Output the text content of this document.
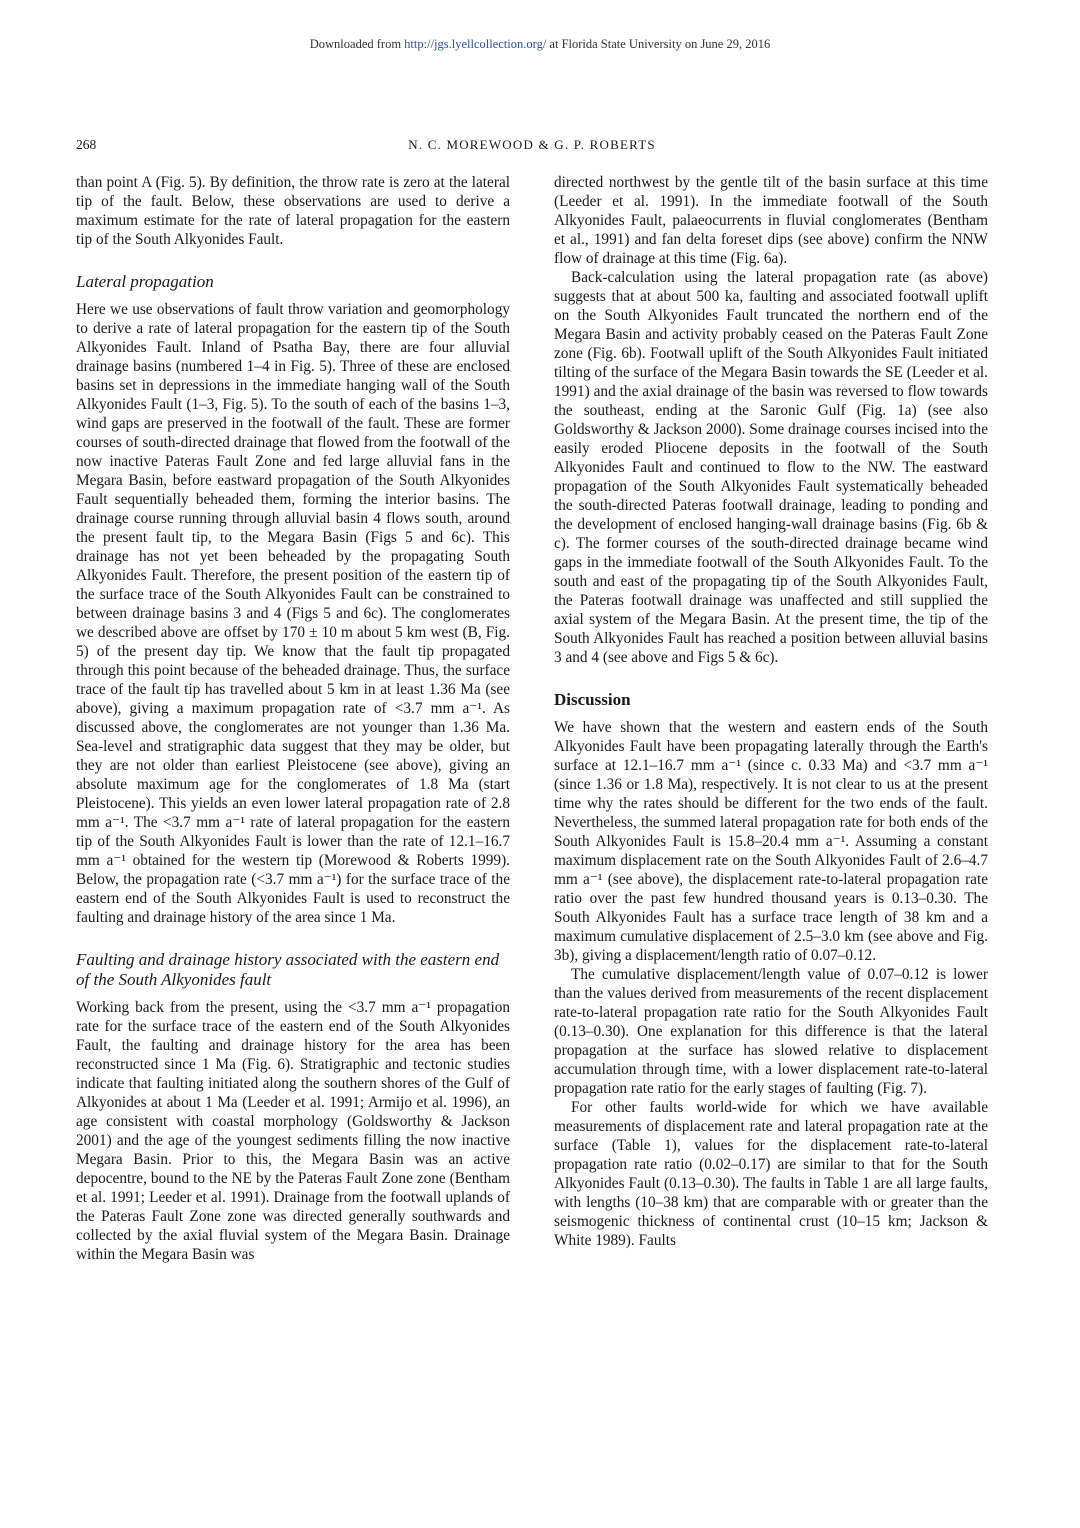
Downloaded from http://jgs.lyellcollection.org/ at Florida State University on June 29, 2016
268	N. C. MOREWOOD & G. P. ROBERTS

than point A (Fig. 5). By definition, the throw rate is zero at the lateral tip of the fault. Below, these observations are used to derive a maximum estimate for the rate of lateral propagation for the eastern tip of the South Alkyonides Fault.

Lateral propagation

Here we use observations of fault throw variation and geomorphology to derive a rate of lateral propagation for the eastern tip of the South Alkyonides Fault. Inland of Psatha Bay, there are four alluvial drainage basins (numbered 1–4 in Fig. 5). Three of these are enclosed basins set in depressions in the immediate hanging wall of the South Alkyonides Fault (1–3, Fig. 5). To the south of each of the basins 1–3, wind gaps are preserved in the footwall of the fault. These are former courses of south-directed drainage that flowed from the footwall of the now inactive Pateras Fault Zone and fed large alluvial fans in the Megara Basin, before eastward propagation of the South Alkyonides Fault sequentially beheaded them, forming the interior basins. The drainage course running through alluvial basin 4 flows south, around the present fault tip, to the Megara Basin (Figs 5 and 6c). This drainage has not yet been beheaded by the propagating South Alkyonides Fault. Therefore, the present position of the eastern tip of the surface trace of the South Alkyonides Fault can be constrained to between drainage basins 3 and 4 (Figs 5 and 6c). The conglomerates we described above are offset by 170 ± 10 m about 5 km west (B, Fig. 5) of the present day tip. We know that the fault tip propagated through this point because of the beheaded drainage. Thus, the surface trace of the fault tip has travelled about 5 km in at least 1.36 Ma (see above), giving a maximum propagation rate of <3.7 mm a⁻¹. As discussed above, the conglomerates are not younger than 1.36 Ma. Sea-level and stratigraphic data suggest that they may be older, but they are not older than earliest Pleistocene (see above), giving an absolute maximum age for the conglomerates of 1.8 Ma (start Pleistocene). This yields an even lower lateral propagation rate of 2.8 mm a⁻¹. The <3.7 mm a⁻¹ rate of lateral propagation for the eastern tip of the South Alkyonides Fault is lower than the rate of 12.1–16.7 mm a⁻¹ obtained for the western tip (Morewood & Roberts 1999). Below, the propagation rate (<3.7 mm a⁻¹) for the surface trace of the eastern end of the South Alkyonides Fault is used to reconstruct the faulting and drainage history of the area since 1 Ma.

Faulting and drainage history associated with the eastern end of the South Alkyonides fault

Working back from the present, using the <3.7 mm a⁻¹ propagation rate for the surface trace of the eastern end of the South Alkyonides Fault, the faulting and drainage history for the area has been reconstructed since 1 Ma (Fig. 6). Stratigraphic and tectonic studies indicate that faulting initiated along the southern shores of the Gulf of Alkyonides at about 1 Ma (Leeder et al. 1991; Armijo et al. 1996), an age consistent with coastal morphology (Goldsworthy & Jackson 2001) and the age of the youngest sediments filling the now inactive Megara Basin. Prior to this, the Megara Basin was an active depocentre, bound to the NE by the Pateras Fault Zone zone (Bentham et al. 1991; Leeder et al. 1991). Drainage from the footwall uplands of the Pateras Fault Zone zone was directed generally southwards and collected by the axial fluvial system of the Megara Basin. Drainage within the Megara Basin was

directed northwest by the gentle tilt of the basin surface at this time (Leeder et al. 1991). In the immediate footwall of the South Alkyonides Fault, palaeocurrents in fluvial conglomerates (Bentham et al., 1991) and fan delta foreset dips (see above) confirm the NNW flow of drainage at this time (Fig. 6a).

Back-calculation using the lateral propagation rate (as above) suggests that at about 500 ka, faulting and associated footwall uplift on the South Alkyonides Fault truncated the northern end of the Megara Basin and activity probably ceased on the Pateras Fault Zone zone (Fig. 6b). Footwall uplift of the South Alkyonides Fault initiated tilting of the surface of the Megara Basin towards the SE (Leeder et al. 1991) and the axial drainage of the basin was reversed to flow towards the southeast, ending at the Saronic Gulf (Fig. 1a) (see also Goldsworthy & Jackson 2000). Some drainage courses incised into the easily eroded Pliocene deposits in the footwall of the South Alkyonides Fault and continued to flow to the NW. The eastward propagation of the South Alkyonides Fault systematically beheaded the south-directed Pateras footwall drainage, leading to ponding and the development of enclosed hanging-wall drainage basins (Fig. 6b & c). The former courses of the south-directed drainage became wind gaps in the immediate footwall of the South Alkyonides Fault. To the south and east of the propagating tip of the South Alkyonides Fault, the Pateras footwall drainage was unaffected and still supplied the axial system of the Megara Basin. At the present time, the tip of the South Alkyonides Fault has reached a position between alluvial basins 3 and 4 (see above and Figs 5 & 6c).

Discussion

We have shown that the western and eastern ends of the South Alkyonides Fault have been propagating laterally through the Earth's surface at 12.1–16.7 mm a⁻¹ (since c. 0.33 Ma) and <3.7 mm a⁻¹ (since 1.36 or 1.8 Ma), respectively. It is not clear to us at the present time why the rates should be different for the two ends of the fault. Nevertheless, the summed lateral propagation rate for both ends of the South Alkyonides Fault is 15.8–20.4 mm a⁻¹. Assuming a constant maximum displacement rate on the South Alkyonides Fault of 2.6–4.7 mm a⁻¹ (see above), the displacement rate-to-lateral propagation rate ratio over the past few hundred thousand years is 0.13–0.30. The South Alkyonides Fault has a surface trace length of 38 km and a maximum cumulative displacement of 2.5–3.0 km (see above and Fig. 3b), giving a displacement/length ratio of 0.07–0.12.

The cumulative displacement/length value of 0.07–0.12 is lower than the values derived from measurements of the recent displacement rate-to-lateral propagation rate ratio for the South Alkyonides Fault (0.13–0.30). One explanation for this difference is that the lateral propagation at the surface has slowed relative to displacement accumulation through time, with a lower displacement rate-to-lateral propagation rate ratio for the early stages of faulting (Fig. 7).

For other faults world-wide for which we have available measurements of displacement rate and lateral propagation rate at the surface (Table 1), values for the displacement rate-to-lateral propagation rate ratio (0.02–0.17) are similar to that for the South Alkyonides Fault (0.13–0.30). The faults in Table 1 are all large faults, with lengths (10–38 km) that are comparable with or greater than the seismogenic thickness of continental crust (10–15 km; Jackson & White 1989). Faults
